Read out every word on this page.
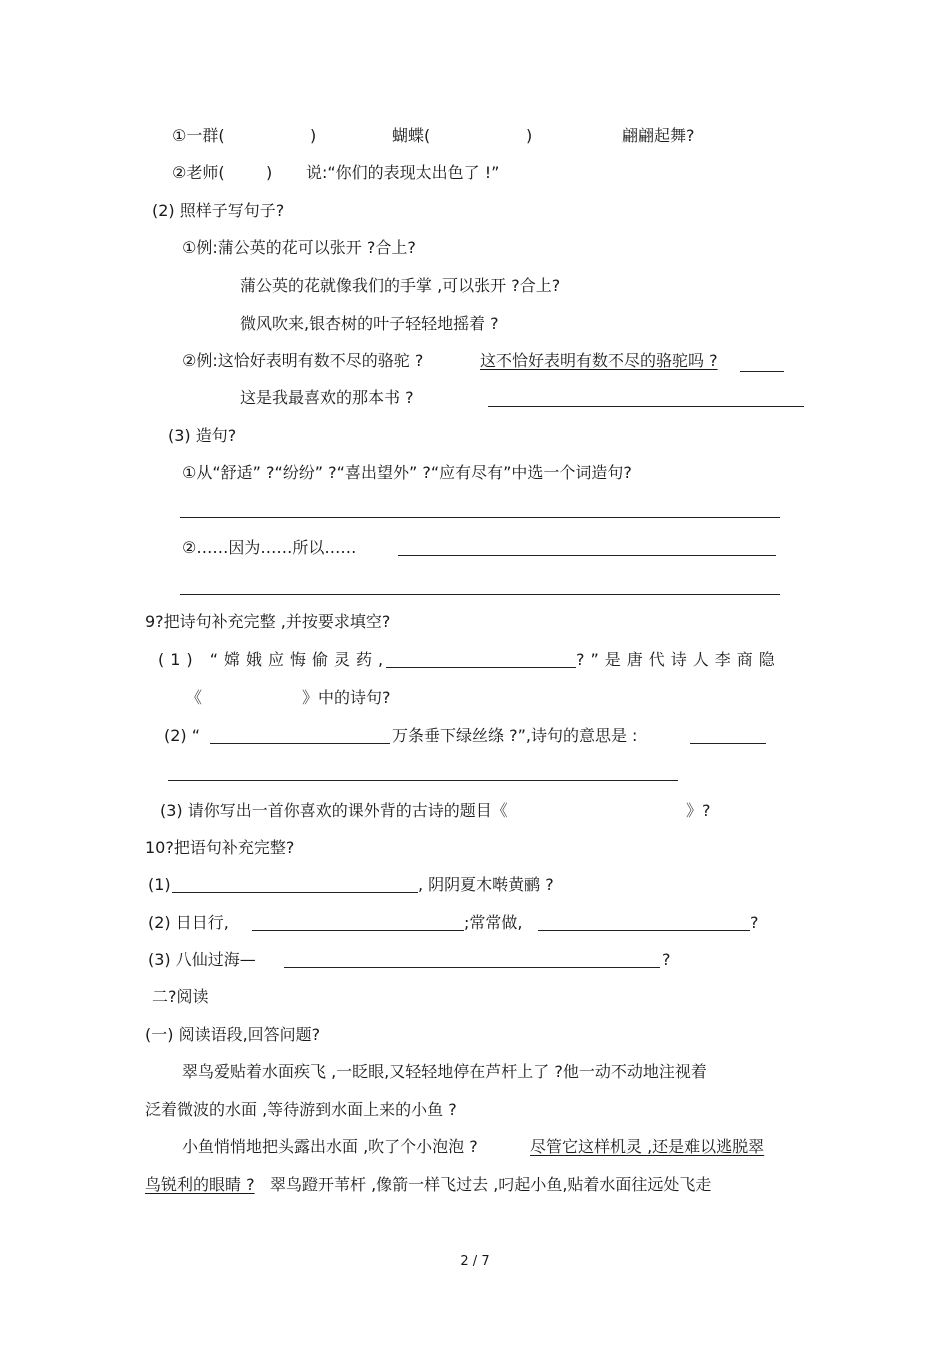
①一群(	)	蝴蝶(	)	翩翩起舞?
②老师(	) 说:“你们的表现太出色了 !”
(2) 照样子写句子?
①例:蒲公英的花可以张开 ?合上?
蒲公英的花就像我们的手掌 ,可以张开 ?合上?
微风吹来,银杏树的叶子轻轻地摇着 ?
②例:这恰好表明有数不尽的骆驼 ?	这不恰好表明有数不尽的骆驼吗 ?
这是我最喜欢的那本书 ?
(3) 造句?
①从“舒适” ?“纷纷” ?“喜出望外” ?“应有尽有”中选一个词造句?
②……因为……所以……
9?把诗句补充完整 ,并按要求填空?
(1) “嫦娥应悔偷灵药,	?”是唐代诗人李商隐
《	》中的诗句?
(2) “	万条垂下绿丝绦 ?”,诗句的意思是 :
(3) 请你写出一首你喜欢的课外背的古诗的题目《	》?
10?把语句补充完整?
(1)	, 阴阴夏木啭黄鹂 ?
(2) 日日行,	;常常做,	?
(3) 八仙过海—	?
二?阅读
(一) 阅读语段,回答问题?
翠鸟爱贴着水面疾飞 ,一眨眼,又轻轻地停在芦杆上了 ?他一动不动地注视着
泛着微波的水面 ,等待游到水面上来的小鱼 ?
小鱼悄悄地把头露出水面 ,吹了个小泡泡 ?	尽管它这样机灵 ,还是难以逃脱翠
鸟锐利的眼睛 ? 翠鸟蹬开苇杆 ,像箭一样飞过去 ,叼起小鱼,贴着水面往远处飞走
2 / 7
